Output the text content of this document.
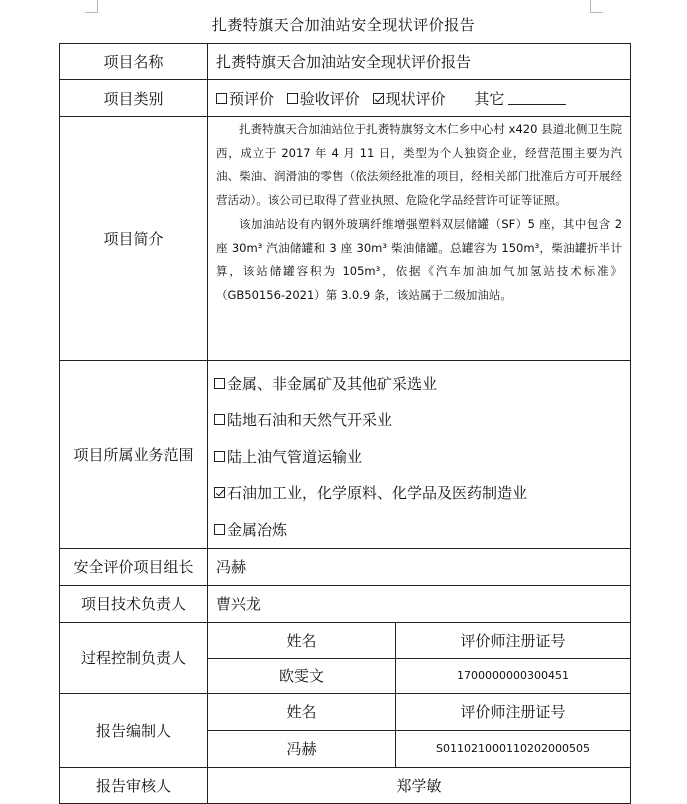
扎赉特旗天合加油站安全现状评价报告
项目名称	扎赉特旗天合加油站安全现状评价报告	
项目类别	预评价
验收评价
现状评价
其它	

项目简介	扎赉特旗天合加油站位于扎赉特旗努文木仁乡中心村 x420 县道北侧卫生院西，成立于 2017 年 4 月 11 日，类型为个人独资企业，经营范围主要为汽油、柴油、润滑油的零售（依法须经批准的项目，经相关部门批准后方可开展经营活动）。该公司已取得了营业执照、危险化学品经营许可证等证照。

该加油站设有内钢外玻璃纤维增强塑料双层储罐（SF）5 座，其中包含 2 座 30m³ 汽油储罐和 3 座 30m³ 柴油储罐。总罐容为 150m³，柴油罐折半计算，该站储罐容积为 105m³，依据《汽车加油加气加氢站技术标准》（GB50156-2021）第 3.0.9 条，该站属于二级加油站。	

项目所属业务范围	金属、非金属矿及其他矿采选业
陆地石油和天然气开采业
陆上油气管道运输业
石油加工业，化学原料、化学品及医药制造业
金属冶炼	

安全评价项目组长	冯赫	
项目技术负责人	曹兴龙	
过程控制负责人	姓名	评价师注册证号
	欧雯文	1700000000300451
报告编制人	姓名	评价师注册证号
	冯赫	S011021000110202000505
报告审核人	郑学敏	
